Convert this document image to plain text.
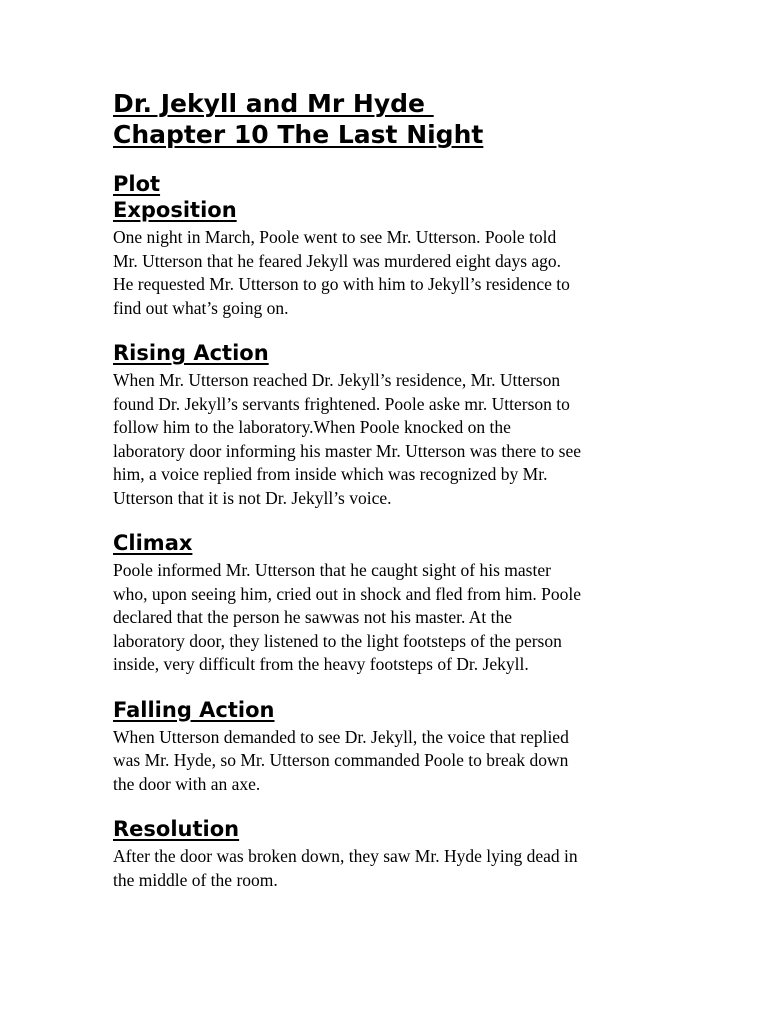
Dr. Jekyll and Mr Hyde
Chapter 10 The Last Night
Plot
Exposition

One night in March, Poole went to see Mr. Utterson. Poole told
Mr. Utterson that he feared Jekyll was murdered eight days ago.
He requested Mr. Utterson to go with him to Jekyll’s residence to
find out what’s going on.

Rising Action

When Mr. Utterson reached Dr. Jekyll’s residence, Mr. Utterson
found Dr. Jekyll’s servants frightened. Poole aske mr. Utterson to
follow him to the laboratory.When Poole knocked on the
laboratory door informing his master Mr. Utterson was there to see
him, a voice replied from inside which was recognized by Mr.
Utterson that it is not Dr. Jekyll’s voice.

Climax

Poole informed Mr. Utterson that he caught sight of his master
who, upon seeing him, cried out in shock and fled from him. Poole
declared that the person he sawwas not his master. At the
laboratory door, they listened to the light footsteps of the person
inside, very difficult from the heavy footsteps of Dr. Jekyll.

Falling Action

When Utterson demanded to see Dr. Jekyll, the voice that replied
was Mr. Hyde, so Mr. Utterson commanded Poole to break down
the door with an axe.

Resolution

After the door was broken down, they saw Mr. Hyde lying dead in
the middle of the room.
